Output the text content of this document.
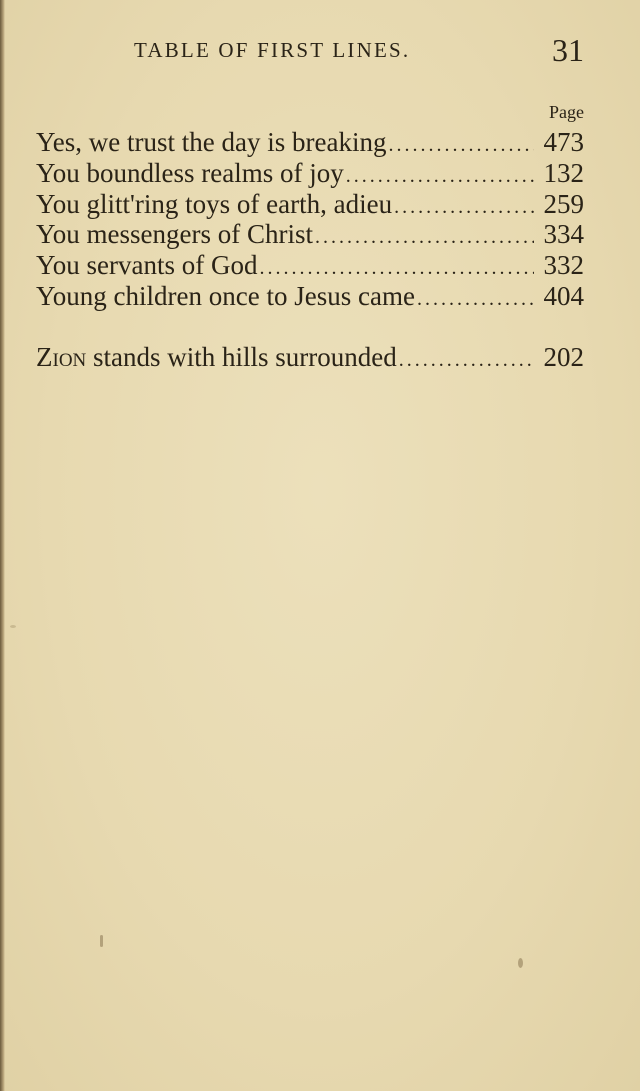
TABLE OF FIRST LINES.	31
Page
Yes, we trust the day is breaking . . .	473
You boundless realms of joy . . .	132
You glitt'ring toys of earth, adieu . . .	259
You messengers of Christ . . .	334
You servants of God . . .	332
Young children once to Jesus came . . .	404
Zion stands with hills surrounded . . .	202
